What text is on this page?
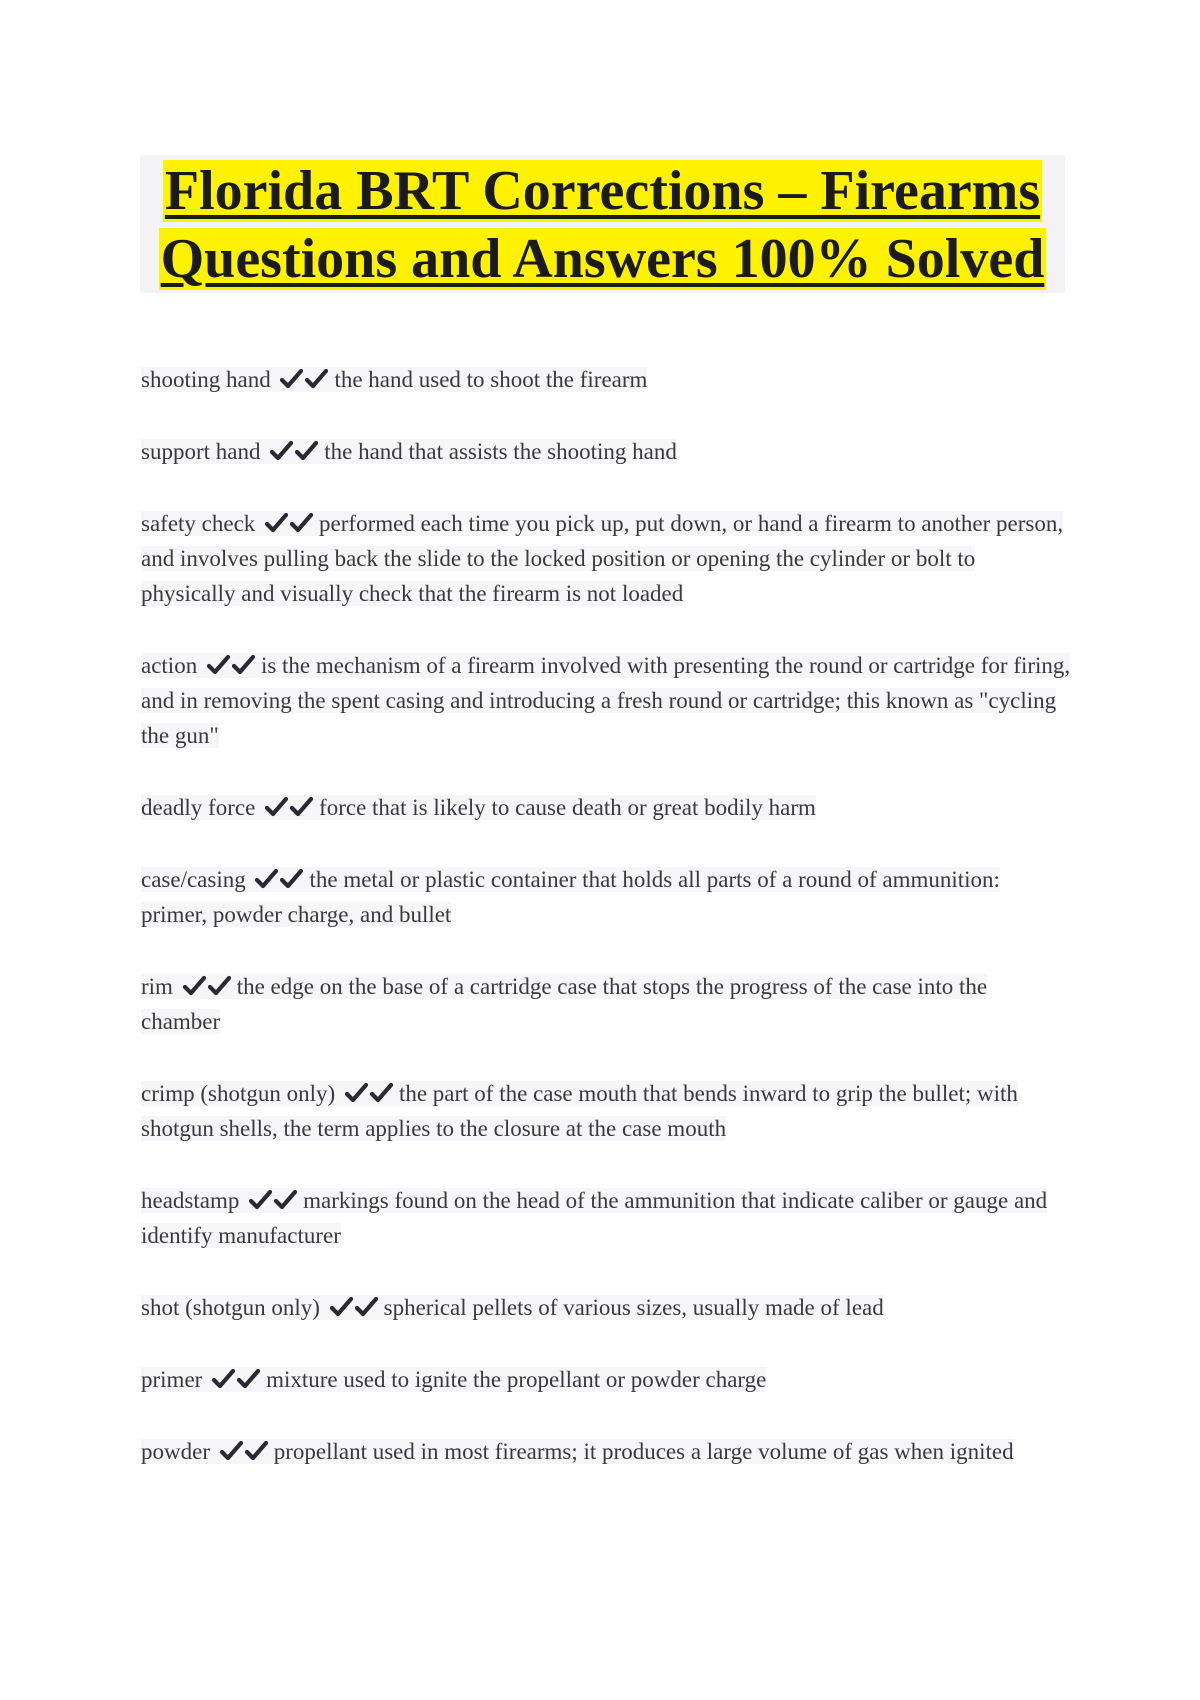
Florida BRT Corrections – Firearms Questions and Answers 100% Solved

shooting hand	the hand used to shoot the firearm

support hand	the hand that assists the shooting hand

safety check	performed each time you pick up, put down, or hand a firearm to another person, and involves pulling back the slide to the locked position or opening the cylinder or bolt to physically and visually check that the firearm is not loaded

action	is the mechanism of a firearm involved with presenting the round or cartridge for firing, and in removing the spent casing and introducing a fresh round or cartridge; this known as "cycling the gun"

deadly force	force that is likely to cause death or great bodily harm

case/casing	the metal or plastic container that holds all parts of a round of ammunition: primer, powder charge, and bullet

rim	the edge on the base of a cartridge case that stops the progress of the case into the chamber

crimp (shotgun only)	the part of the case mouth that bends inward to grip the bullet; with shotgun shells, the term applies to the closure at the case mouth

headstamp	markings found on the head of the ammunition that indicate caliber or gauge and identify manufacturer

shot (shotgun only)	spherical pellets of various sizes, usually made of lead

primer	mixture used to ignite the propellant or powder charge

powder	propellant used in most firearms; it produces a large volume of gas when ignited
